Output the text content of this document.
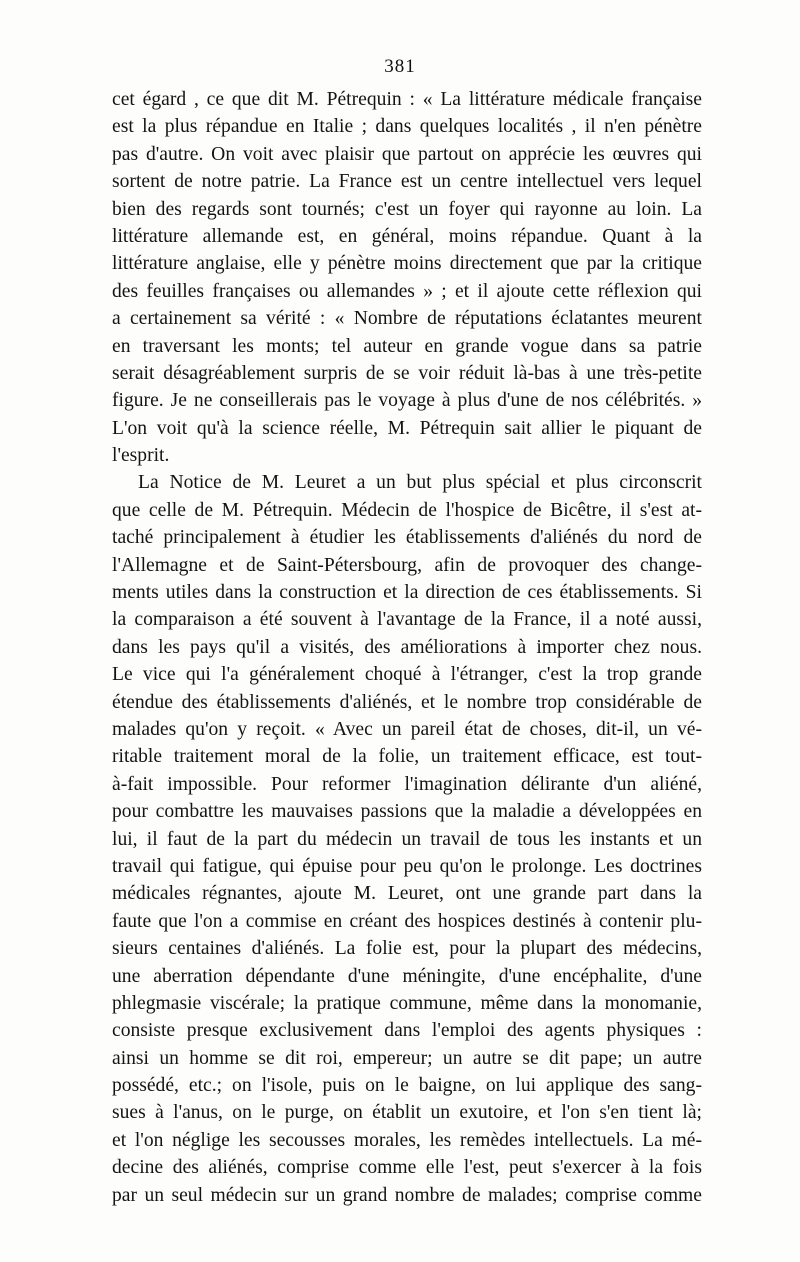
381
cet égard , ce que dit M. Pétrequin : « La littérature médicale française
est la plus répandue en Italie ; dans quelques localités , il n'en pénètre
pas d'autre. On voit avec plaisir que partout on apprécie les œuvres qui
sortent de notre patrie. La France est un centre intellectuel vers lequel
bien des regards sont tournés; c'est un foyer qui rayonne au loin. La
littérature allemande est, en général, moins répandue. Quant à la
littérature anglaise, elle y pénètre moins directement que par la critique
des feuilles françaises ou allemandes » ; et il ajoute cette réflexion qui
a certainement sa vérité : « Nombre de réputations éclatantes meurent
en traversant les monts; tel auteur en grande vogue dans sa patrie
serait désagréablement surpris de se voir réduit là-bas à une très-petite
figure. Je ne conseillerais pas le voyage à plus d'une de nos célébrités. »
L'on voit qu'à la science réelle, M. Pétrequin sait allier le piquant de
l'esprit.
La Notice de M. Leuret a un but plus spécial et plus circonscrit
que celle de M. Pétrequin. Médecin de l'hospice de Bicêtre, il s'est at-
taché principalement à étudier les établissements d'aliénés du nord de
l'Allemagne et de Saint-Pétersbourg, afin de provoquer des change-
ments utiles dans la construction et la direction de ces établissements. Si
la comparaison a été souvent à l'avantage de la France, il a noté aussi,
dans les pays qu'il a visités, des améliorations à importer chez nous.
Le vice qui l'a généralement choqué à l'étranger, c'est la trop grande
étendue des établissements d'aliénés, et le nombre trop considérable de
malades qu'on y reçoit. « Avec un pareil état de choses, dit-il, un vé-
ritable traitement moral de la folie, un traitement efficace, est tout-
à-fait impossible. Pour reformer l'imagination délirante d'un aliéné,
pour combattre les mauvaises passions que la maladie a développées en
lui, il faut de la part du médecin un travail de tous les instants et un
travail qui fatigue, qui épuise pour peu qu'on le prolonge. Les doctrines
médicales régnantes, ajoute M. Leuret, ont une grande part dans la
faute que l'on a commise en créant des hospices destinés à contenir plu-
sieurs centaines d'aliénés. La folie est, pour la plupart des médecins,
une aberration dépendante d'une méningite, d'une encéphalite, d'une
phlegmasie viscérale; la pratique commune, même dans la monomanie,
consiste presque exclusivement dans l'emploi des agents physiques :
ainsi un homme se dit roi, empereur; un autre se dit pape; un autre
possédé, etc.; on l'isole, puis on le baigne, on lui applique des sang-
sues à l'anus, on le purge, on établit un exutoire, et l'on s'en tient là;
et l'on néglige les secousses morales, les remèdes intellectuels. La mé-
decine des aliénés, comprise comme elle l'est, peut s'exercer à la fois
par un seul médecin sur un grand nombre de malades; comprise comme
